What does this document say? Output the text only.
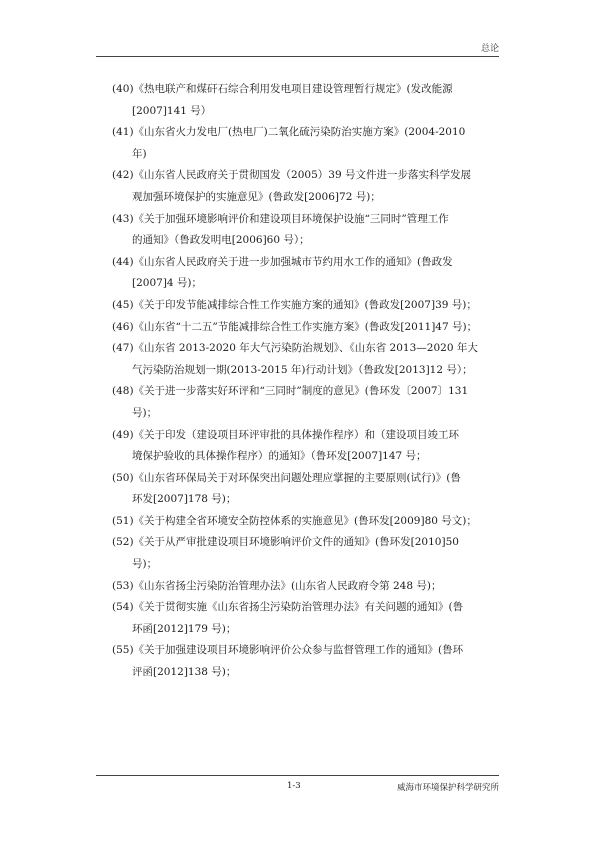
总论

(40)《热电联产和煤矸石综合利用发电项目建设管理暂行规定》(发改能源
[2007]141 号）

(41)《山东省火力发电厂(热电厂)二氧化硫污染防治实施方案》(2004-2010
年)

(42)《山东省人民政府关于贯彻国发（2005）39 号文件进一步落实科学发展
观加强环境保护的实施意见》(鲁政发[2006]72 号)；

(43)《关于加强环境影响评价和建设项目环境保护设施“三同时”管理工作
的通知》（鲁政发明电[2006]60 号）；

(44)《山东省人民政府关于进一步加强城市节约用水工作的通知》(鲁政发
[2007]4 号)；

(45)《关于印发节能减排综合性工作实施方案的通知》(鲁政发[2007]39 号)；

(46)《山东省“十二五”节能减排综合性工作实施方案》(鲁政发[2011]47 号)；

(47)《山东省 2013-2020 年大气污染防治规划》、《山东省 2013—2020 年大
气污染防治规划一期(2013-2015 年)行动计划》（鲁政发[2013]12 号）；

(48)《关于进一步落实好环评和“三同时”制度的意见》(鲁环发〔2007〕131
号)；

(49)《关于印发（建设项目环评审批的具体操作程序）和（建设项目竣工环
境保护验收的具体操作程序）的通知》（鲁环发[2007]147 号；

(50)《山东省环保局关于对环保突出问题处理应掌握的主要原则(试行)》(鲁
环发[2007]178 号)；

(51)《关于构建全省环境安全防控体系的实施意见》(鲁环发[2009]80 号文)；

(52)《关于从严审批建设项目环境影响评价文件的通知》(鲁环发[2010]50
号)；

(53)《山东省扬尘污染防治管理办法》(山东省人民政府令第 248 号)；

(54)《关于贯彻实施《山东省扬尘污染防治管理办法》有关问题的通知》(鲁
环函[2012]179 号)；

(55)《关于加强建设项目环境影响评价公众参与监督管理工作的通知》(鲁环
评函[2012]138 号)；

1-3	威海市环境保护科学研究所
